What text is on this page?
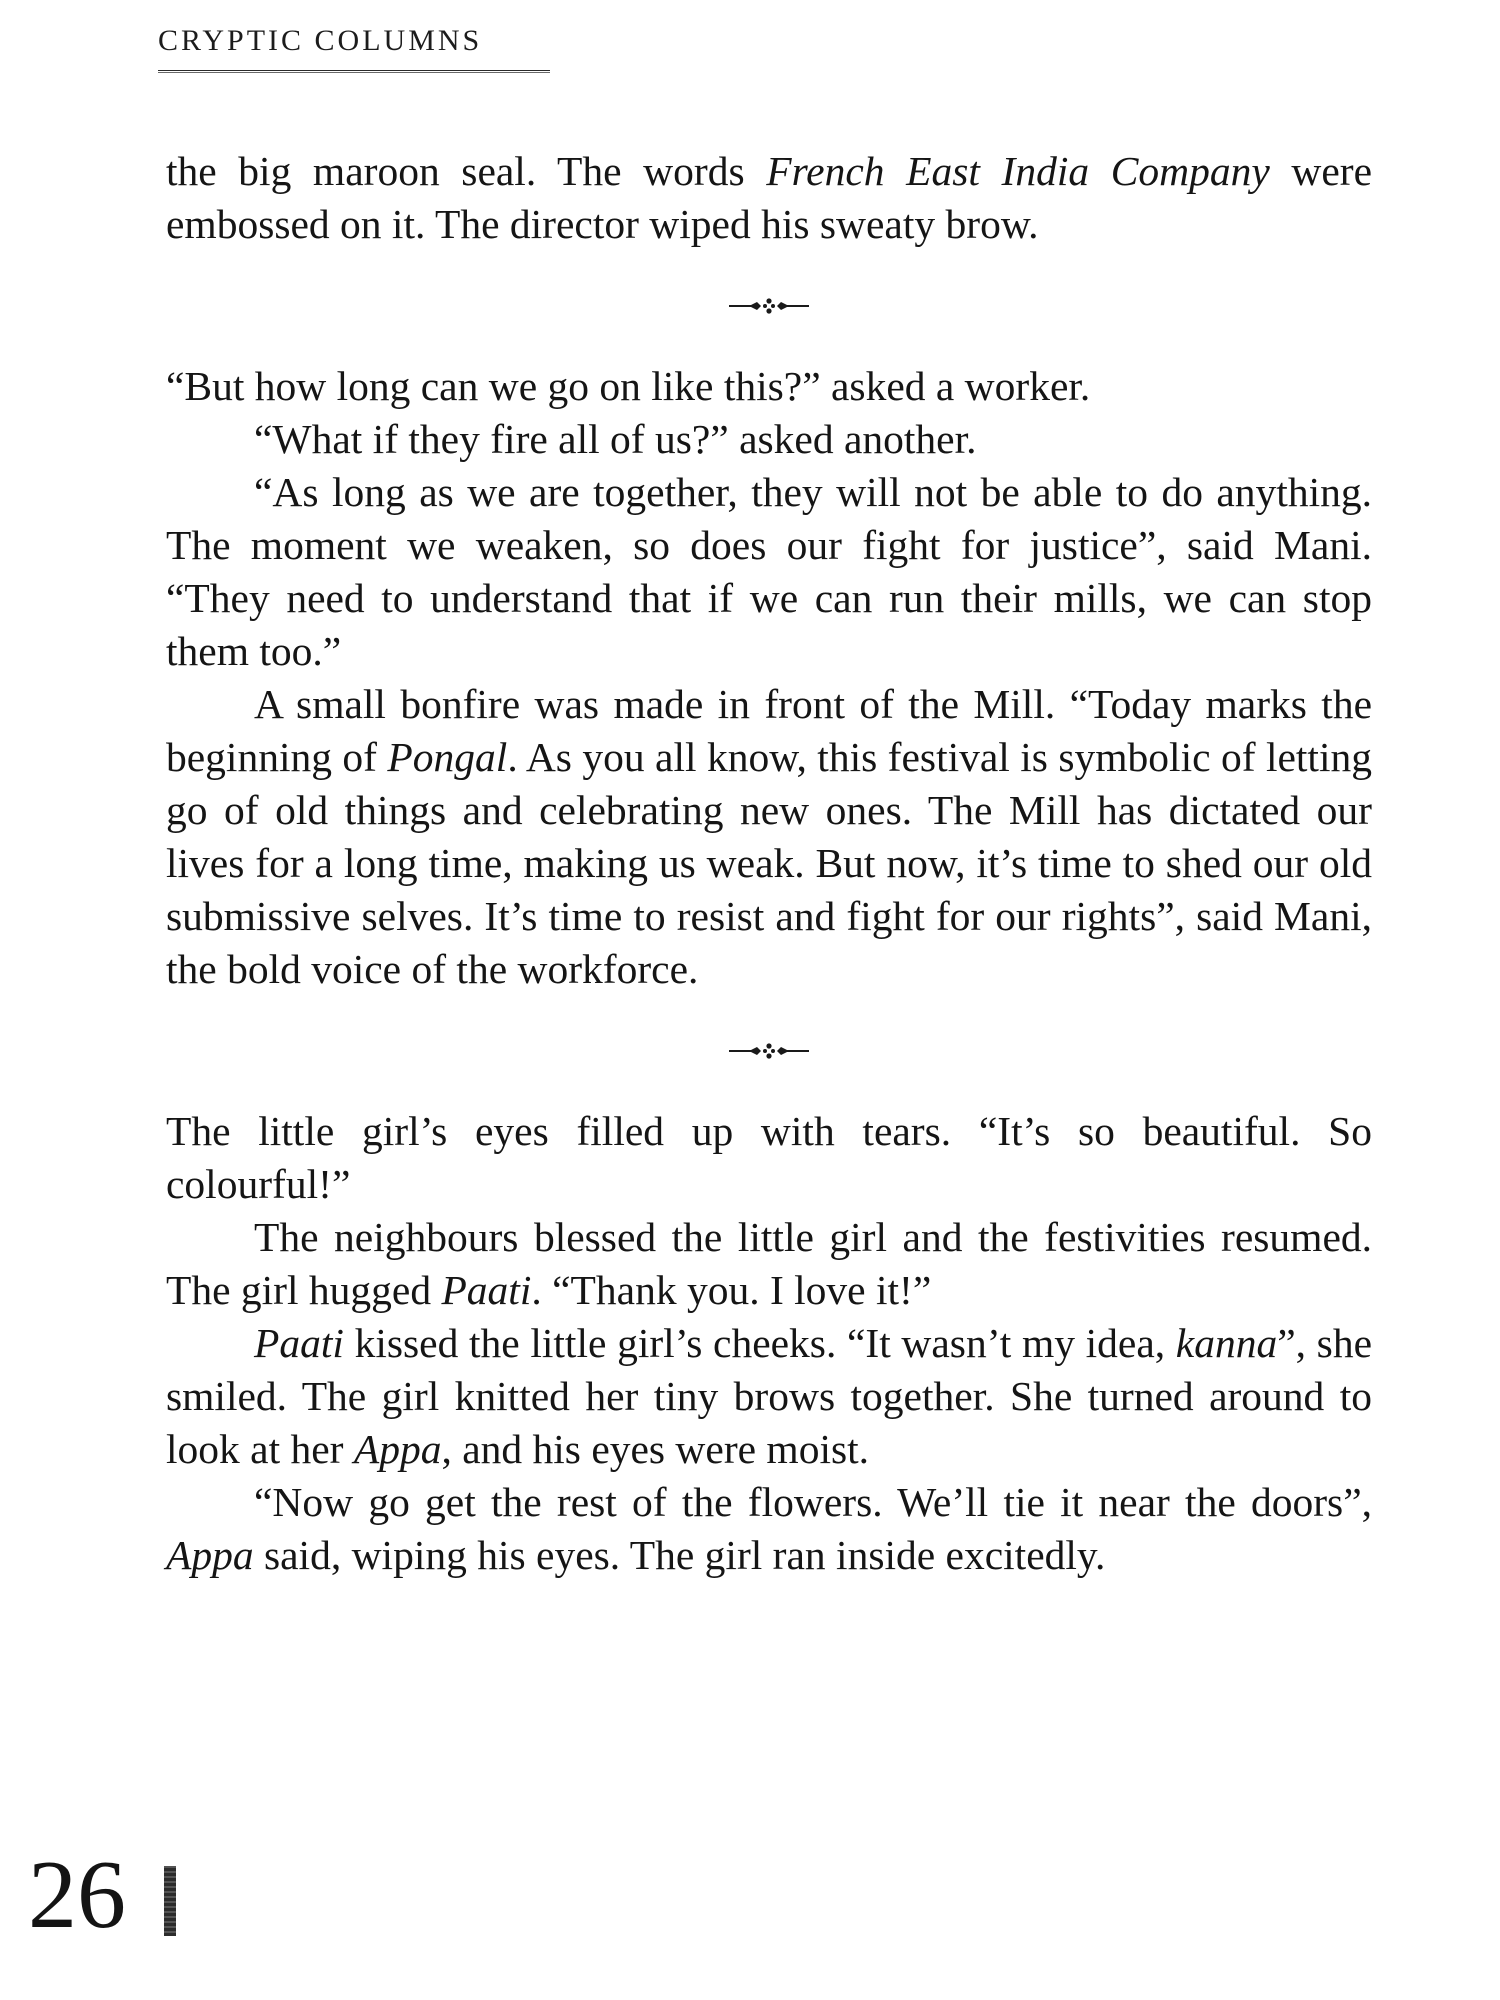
CRYPTIC COLUMNS

the big maroon seal. The words French East India Company were embossed on it. The director wiped his sweaty brow.

“But how long can we go on like this?” asked a worker.

“What if they fire all of us?” asked another.

“As long as we are together, they will not be able to do anything. The moment we weaken, so does our fight for justice”, said Mani. “They need to understand that if we can run their mills, we can stop them too.”

A small bonfire was made in front of the Mill. “Today marks the beginning of Pongal. As you all know, this festival is symbolic of letting go of old things and celebrating new ones. The Mill has dictated our lives for a long time, making us weak. But now, it’s time to shed our old submissive selves. It’s time to resist and fight for our rights”, said Mani, the bold voice of the workforce.

The little girl’s eyes filled up with tears. “It’s so beautiful. So colourful!”

The neighbours blessed the little girl and the festivities resumed. The girl hugged Paati. “Thank you. I love it!”

Paati kissed the little girl’s cheeks. “It wasn’t my idea, kanna”, she smiled. The girl knitted her tiny brows together. She turned around to look at her Appa, and his eyes were moist.

“Now go get the rest of the flowers. We’ll tie it near the doors”, Appa said, wiping his eyes. The girl ran inside excitedly.

26
